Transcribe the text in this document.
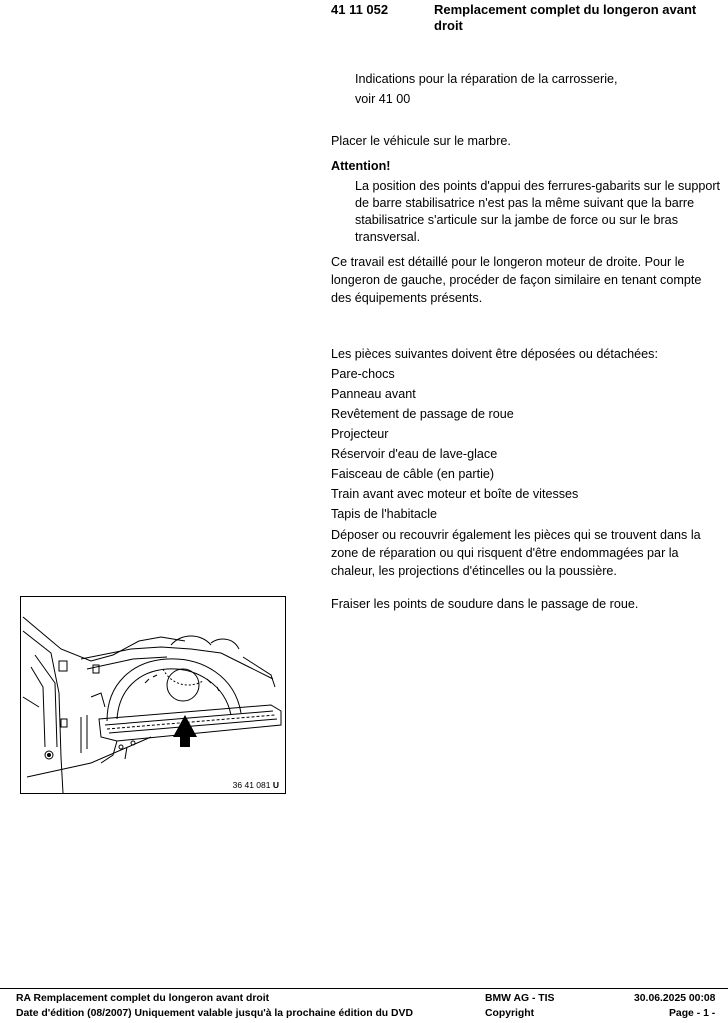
41 11 052	Remplacement complet du longeron avant droit
Indications pour la réparation de la carrosserie,
voir 41 00
Placer le véhicule sur le marbre.
Attention!
La position des points d'appui des ferrures-gabarits sur le support de barre stabilisatrice n'est pas la même suivant que la barre stabilisatrice s'articule sur la jambe de force ou sur le bras transversal.
Ce travail est détaillé pour le longeron moteur de droite. Pour le longeron de gauche, procéder de façon similaire en tenant compte des équipements présents.
Les pièces suivantes doivent être déposées ou détachées:
Pare-chocs
Panneau avant
Revêtement de passage de roue
Projecteur
Réservoir d'eau de lave-glace
Faisceau de câble (en partie)
Train avant avec moteur et boîte de vitesses
Tapis de l'habitacle
Déposer ou recouvrir également les pièces qui se trouvent dans la zone de réparation ou qui risquent d'être endommagées par la chaleur, les projections d'étincelles ou la poussière.
Fraiser les points de soudure dans le passage de roue.
36 41 081 U
RA Remplacement complet du longeron avant droit
Date d'édition (08/2007) Uniquement valable jusqu'à la prochaine édition du DVD
BMW AG - TIS
Copyright
30.06.2025 00:08
Page - 1 -
